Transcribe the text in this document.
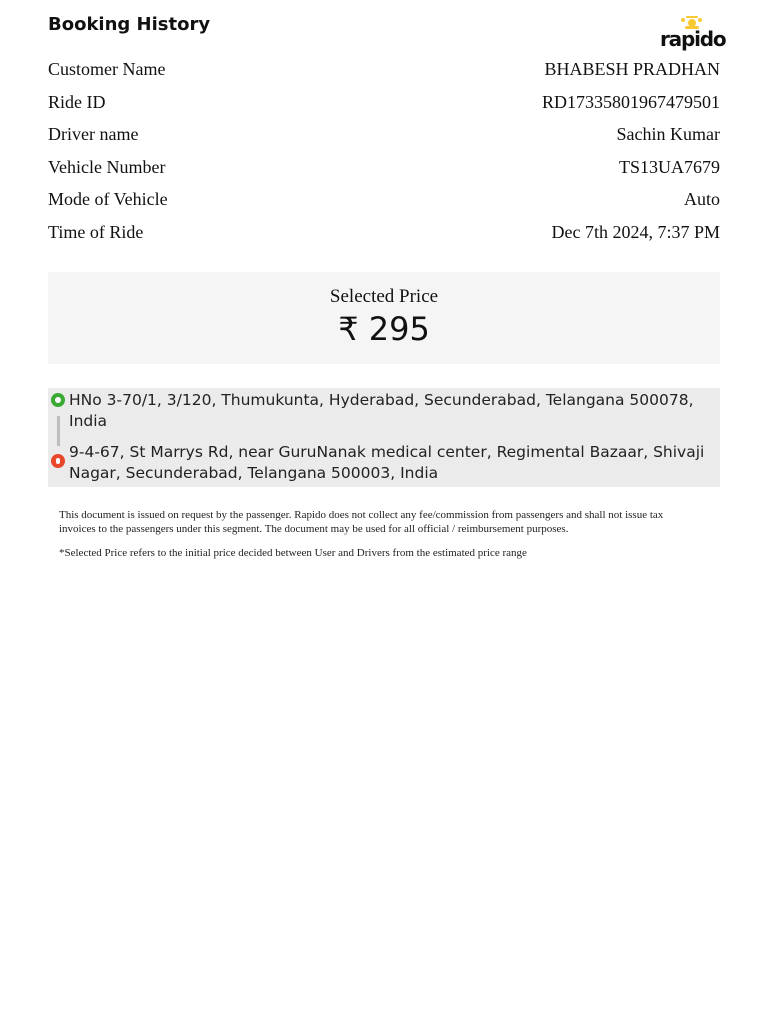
Booking History
rapido
Customer Name	BHABESH PRADHAN
Ride ID	RD17335801967479501
Driver name	Sachin Kumar
Vehicle Number	TS13UA7679
Mode of Vehicle	Auto
Time of Ride	Dec 7th 2024, 7:37 PM
Selected Price
₹ 295
HNo 3-70/1, 3/120, Thumukunta, Hyderabad, Secunderabad, Telangana 500078, India
9-4-67, St Marrys Rd, near GuruNanak medical center, Regimental Bazaar, Shivaji Nagar, Secunderabad, Telangana 500003, India
This document is issued on request by the passenger. Rapido does not collect any fee/commission from passengers and shall not issue tax invoices to the passengers under this segment. The document may be used for all official / reimbursement purposes.
*Selected Price refers to the initial price decided between User and Drivers from the estimated price range
